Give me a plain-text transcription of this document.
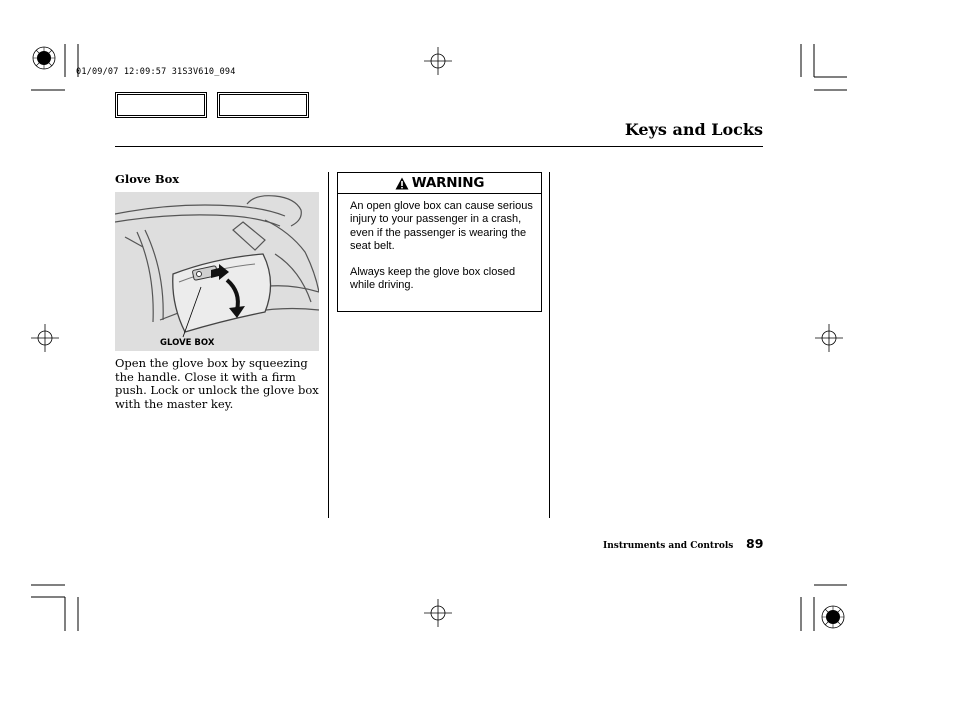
01/09/07 12:09:57 31S3V610_094
Keys and Locks
Glove Box
GLOVE BOX
Open the glove box by squeezing the handle. Close it with a firm push. Lock or unlock the glove box with the master key.
WARNING

An open glove box can cause serious injury to your passenger in a crash, even if the passenger is wearing the seat belt.

Always keep the glove box closed while driving.

Instruments and Controls 89
